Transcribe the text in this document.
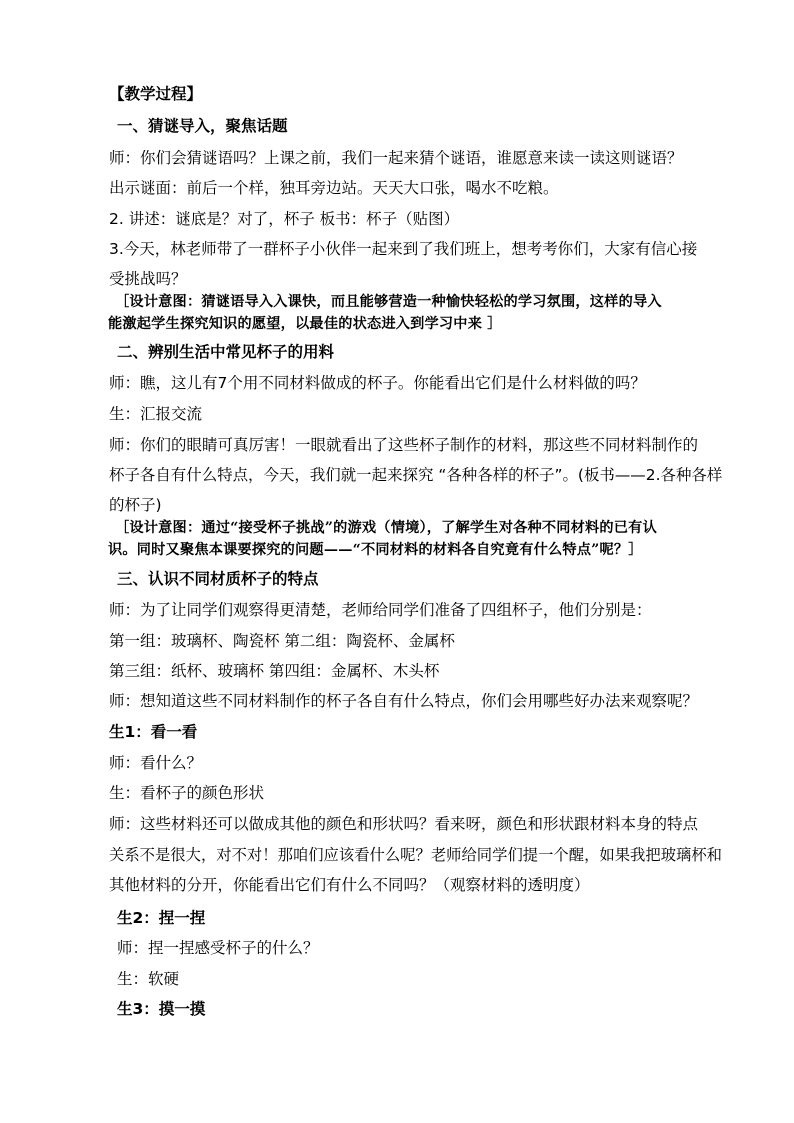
【教学过程】
一、猜谜导入，聚焦话题
师：你们会猜谜语吗？上课之前，我们一起来猜个谜语，谁愿意来读一读这则谜语？
出示谜面：前后一个样，独耳旁边站。天天大口张，喝水不吃粮。
2. 讲述：谜底是？对了，杯子 板书：杯子（贴图）
3.今天，林老师带了一群杯子小伙伴一起来到了我们班上，想考考你们，大家有信心接
受挑战吗？
［设计意图：猜谜语导入入课快，而且能够营造一种愉快轻松的学习氛围，这样的导入
能激起学生探究知识的愿望，以最佳的状态进入到学习中来 ］
二、辨别生活中常见杯子的用料
师：瞧，这儿有7个用不同材料做成的杯子。你能看出它们是什么材料做的吗？
生：汇报交流
师：你们的眼睛可真厉害！一眼就看出了这些杯子制作的材料，那这些不同材料制作的
杯子各自有什么特点，今天，我们就一起来探究 “各种各样的杯子”。(板书——2.各种各样
的杯子)
［设计意图：通过“接受杯子挑战”的游戏（情境），了解学生对各种不同材料的已有认
识。同时又聚焦本课要探究的问题——“不同材料的材料各自究竟有什么特点”呢？］
三、认识不同材质杯子的特点
师：为了让同学们观察得更清楚，老师给同学们准备了四组杯子，他们分别是：
第一组：玻璃杯、陶瓷杯 第二组：陶瓷杯、金属杯
第三组：纸杯、玻璃杯 第四组：金属杯、木头杯
师：想知道这些不同材料制作的杯子各自有什么特点，你们会用哪些好办法来观察呢？
生1：看一看
师：看什么？
生：看杯子的颜色形状
师：这些材料还可以做成其他的颜色和形状吗？看来呀，颜色和形状跟材料本身的特点
关系不是很大，对不对！那咱们应该看什么呢？老师给同学们提一个醒，如果我把玻璃杯和
其他材料的分开，你能看出它们有什么不同吗？（观察材料的透明度）
生2：捏一捏
师：捏一捏感受杯子的什么？
生：软硬
生3：摸一摸
